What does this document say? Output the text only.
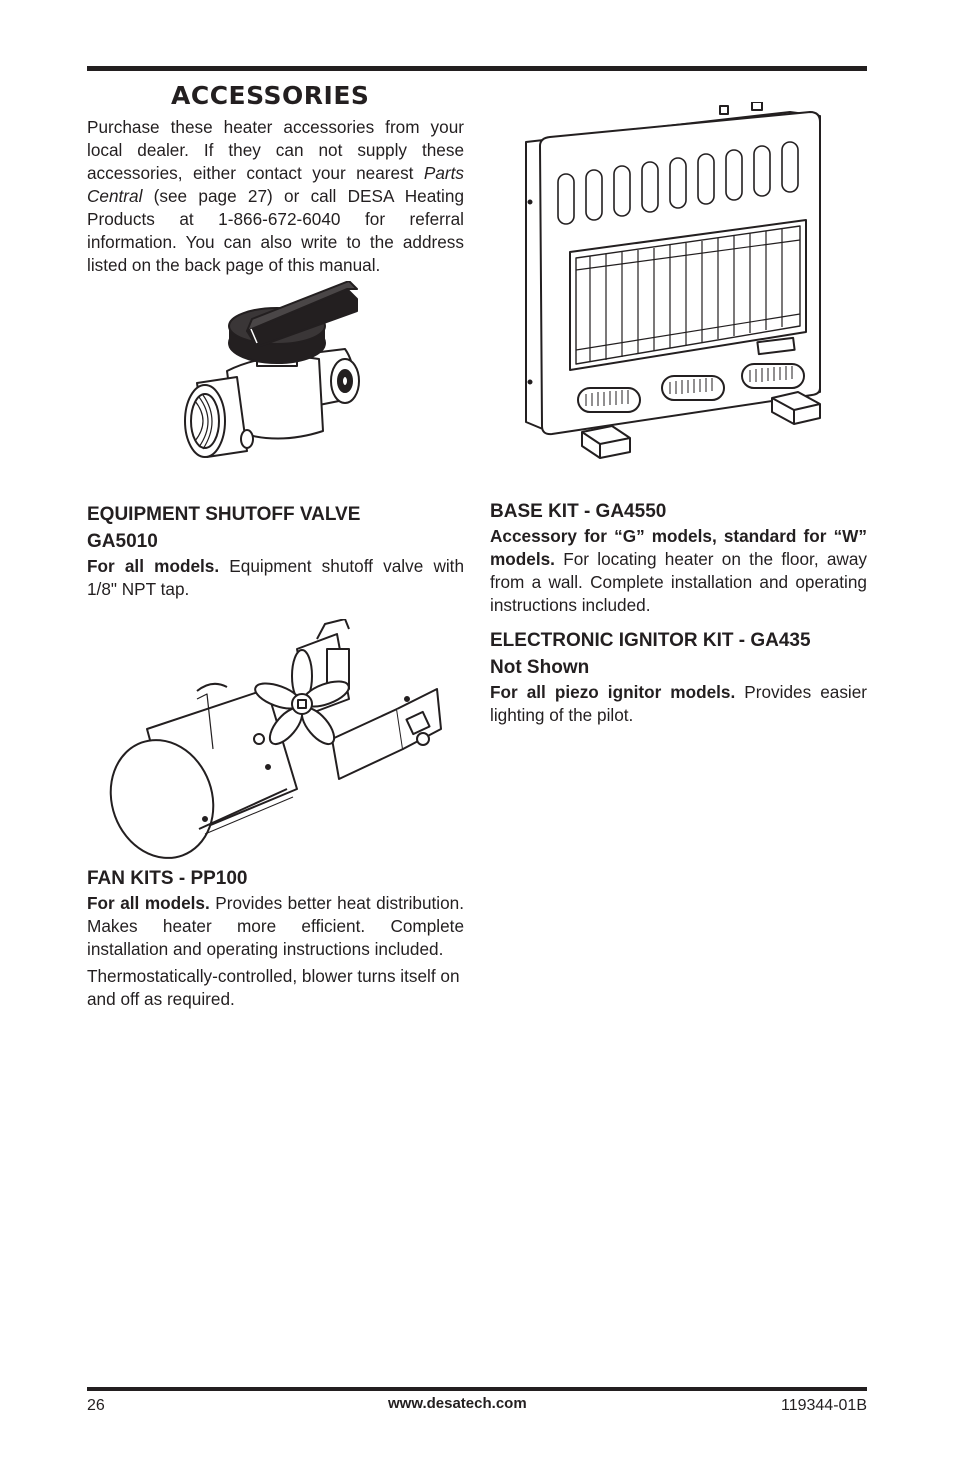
ACCESSORIES

Purchase these heater accessories from your local dealer. If they can not supply these accessories, either contact your nearest Parts Central (see page 27) or call DESA Heating Products at 1-866-672-6040 for referral information. You can also write to the address listed on the back page of this manual.

EQUIPMENT SHUTOFF VALVE
GA5010

For all models. Equipment shutoff valve with 1/8" NPT tap.

FAN KITS - PP100

For all models. Provides better heat distribution. Makes heater more efficient. Complete installation and operating instructions included.

Thermostatically-controlled, blower turns itself on and off as required.

BASE KIT - GA4550

Accessory for “G” models, standard for “W” models. For locating heater on the floor, away from a wall. Complete installation and operating instructions included.

ELECTRONIC IGNITOR KIT - GA435
Not Shown

For all piezo ignitor models. Provides easier lighting of the pilot.

26	www.desatech.com	119344-01B
